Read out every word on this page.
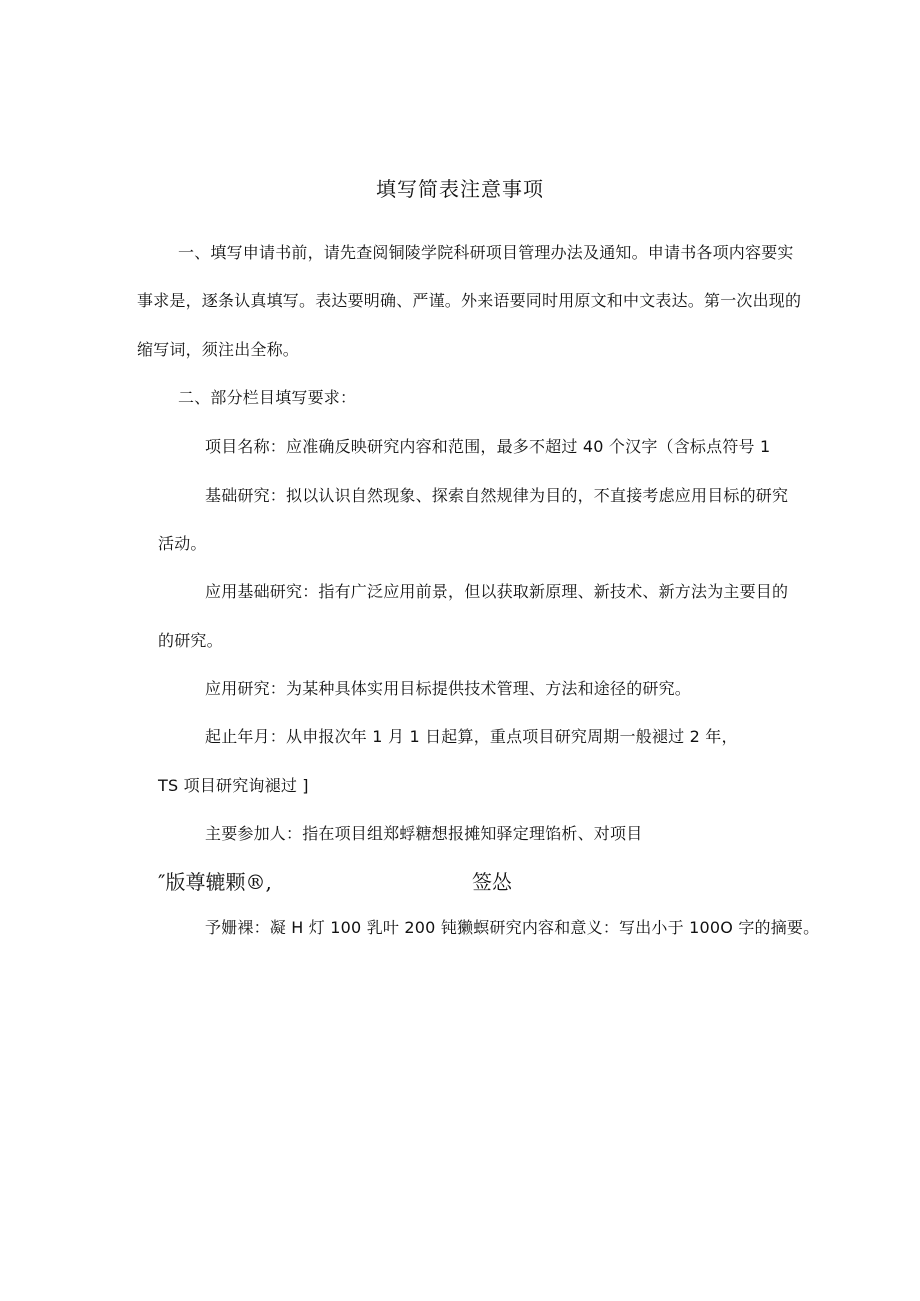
填写简表注意事项
一、填写申请书前，请先查阅铜陵学院科研项目管理办法及通知。申请书各项内容要实
事求是，逐条认真填写。表达要明确、严谨。外来语要同时用原文和中文表达。第一次出现的
缩写词，须注出全称。
二、部分栏目填写要求：
项目名称：应准确反映研究内容和范围，最多不超过 40 个汉字（含标点符号 1
基础研究：拟以认识自然现象、探索自然规律为目的，不直接考虑应用目标的研究
活动。
应用基础研究：指有广泛应用前景，但以获取新原理、新技术、新方法为主要目的
的研究。
应用研究：为某种具体实用目标提供技术管理、方法和途径的研究。
起止年月：从申报次年 1 月 1 日起算，重点项目研究周期一般褪过 2 年，
TS 项目研究询褪过 ]
主要参加人：指在项目组郑蜉糖想报摊知驿定理馅析、对项目
″版尊辘颗®,	签怂
予姗裸：凝 H 灯 100 乳叶 200 钝獭螟研究内容和意义：写出小于 100O 字的摘要。
